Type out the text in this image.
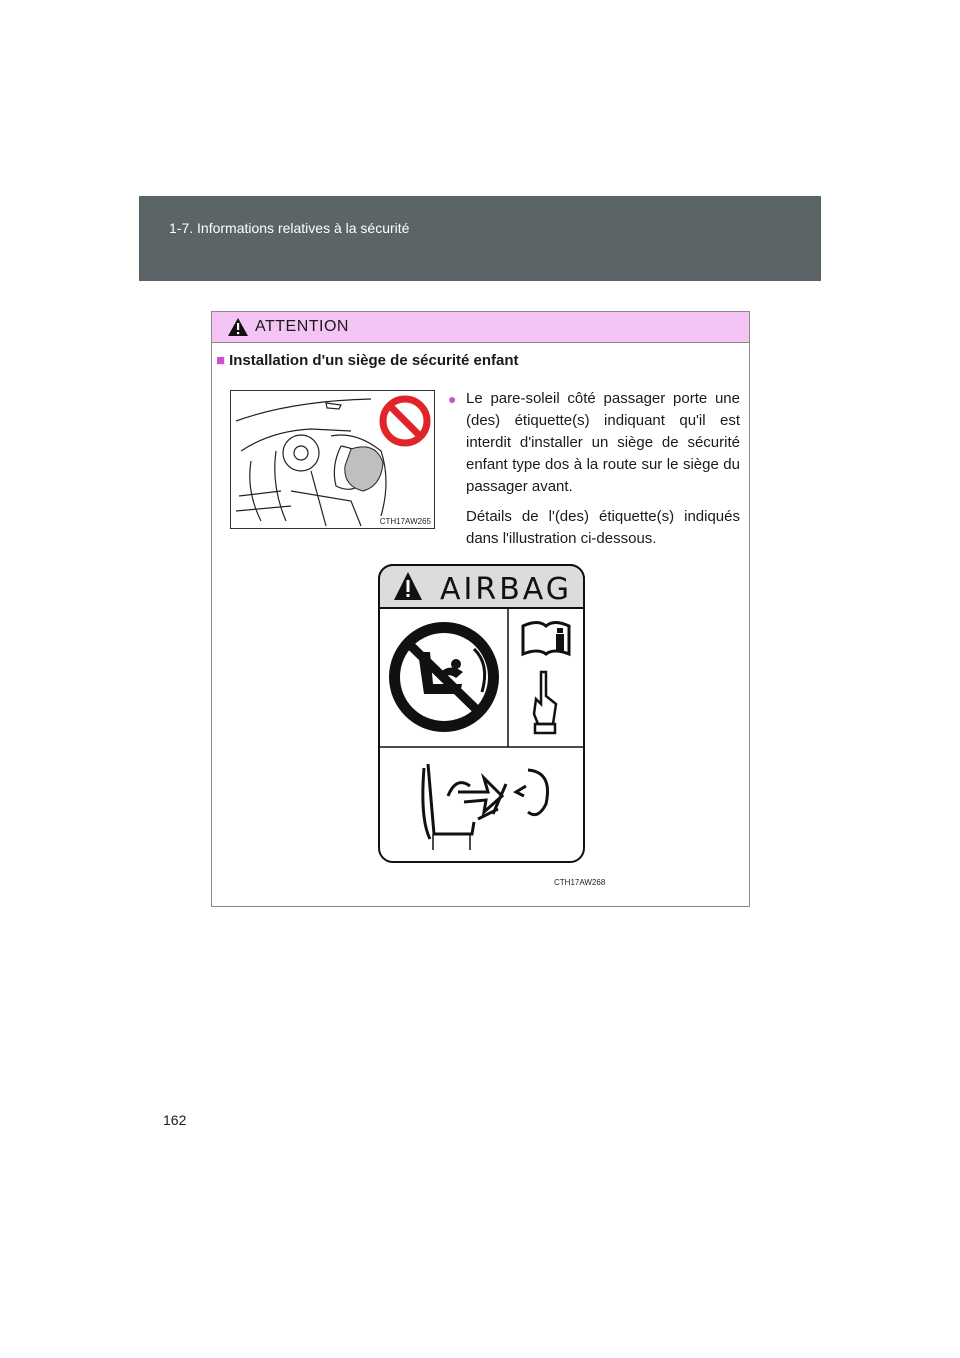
1-7. Informations relatives à la sécurité
ATTENTION
■ Installation d'un siège de sécurité enfant
CTH17AW265

● Le pare-soleil côté passager porte une (des) étiquette(s) indiquant qu'il est interdit d'installer un siège de sécurité enfant type dos à la route sur le siège du passager avant.

Détails de l'(des) étiquette(s) indiqués dans l'illustration ci-dessous.

AIRBAG
CTH17AW268
162
